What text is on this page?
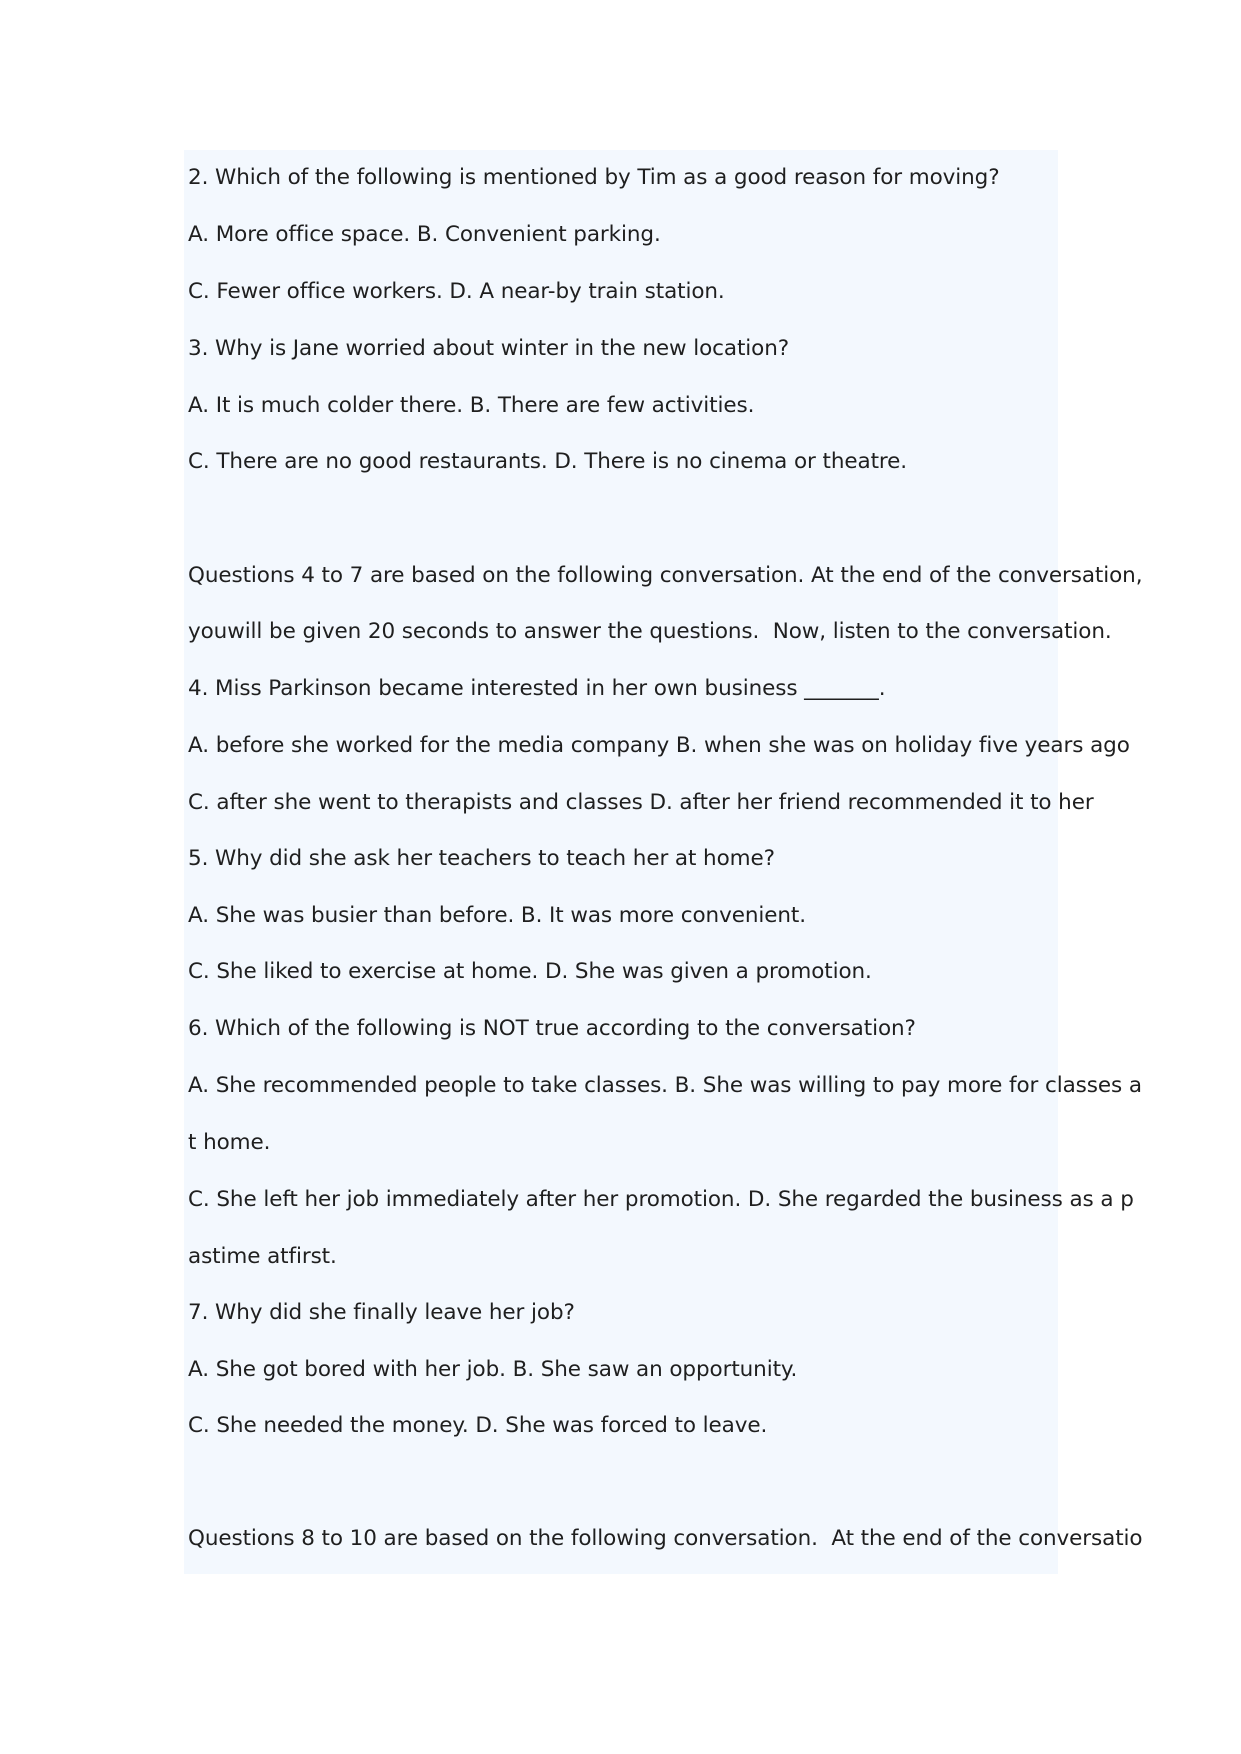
2. Which of the following is mentioned by Tim as a good reason for moving?
A. More office space. B. Convenient parking.
C. Fewer office workers. D. A near-by train station.
3. Why is Jane worried about winter in the new location?
A. It is much colder there. B. There are few activities.
C. There are no good restaurants. D. There is no cinema or theatre.
Questions 4 to 7 are based on the following conversation. At the end of the conversation,
youwill be given 20 seconds to answer the questions.  Now, listen to the conversation.
4. Miss Parkinson became interested in her own business _______.
A. before she worked for the media company B. when she was on holiday five years ago
C. after she went to therapists and classes D. after her friend recommended it to her
5. Why did she ask her teachers to teach her at home?
A. She was busier than before. B. It was more convenient.
C. She liked to exercise at home. D. She was given a promotion.
6. Which of the following is NOT true according to the conversation?
A. She recommended people to take classes. B. She was willing to pay more for classes a
t home.
C. She left her job immediately after her promotion. D. She regarded the business as a p
astime atfirst.
7. Why did she finally leave her job?
A. She got bored with her job. B. She saw an opportunity.
C. She needed the money. D. She was forced to leave.
Questions 8 to 10 are based on the following conversation.  At the end of the conversatio
